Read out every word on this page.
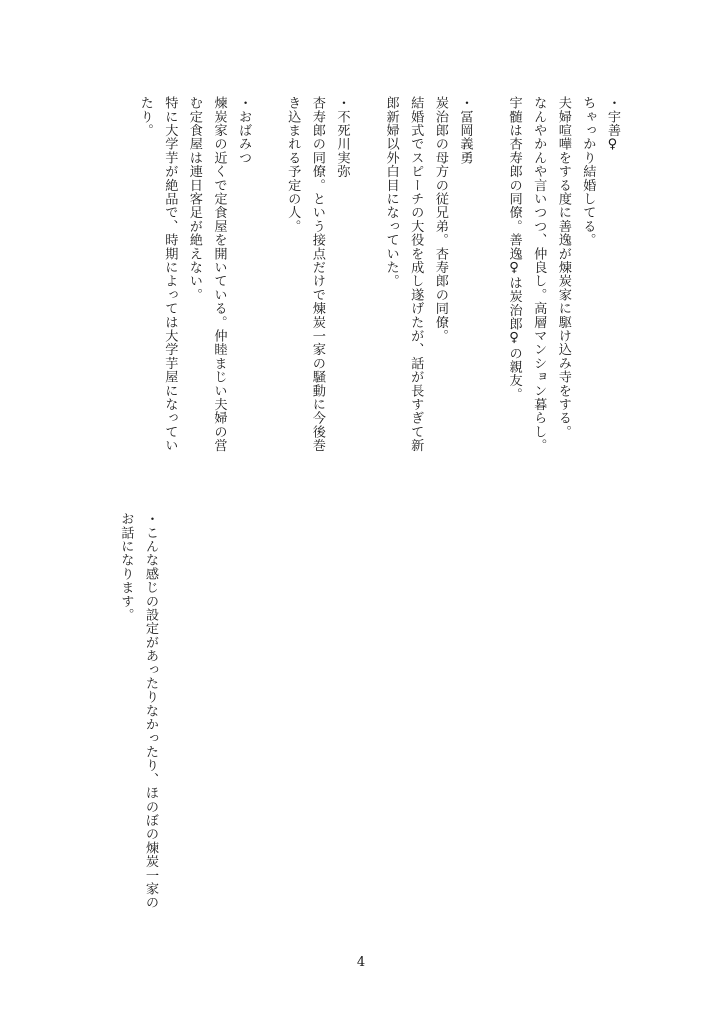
・宇善♀
ちゃっかり結婚してる。
夫婦喧嘩をする度に善逸が煉炭家に駆け込み寺をする。
なんやかんや言いつつ、仲良し。高層マンション暮らし。
宇髄は杏寿郎の同僚。善逸♀は炭治郎♀の親友。
・冨岡義勇
炭治郎の母方の従兄弟。杏寿郎の同僚。
結婚式でスピーチの大役を成し遂げたが、話が長すぎて新
郎新婦以外白目になっていた。
・不死川実弥
杏寿郎の同僚。という接点だけで煉炭一家の騒動に今後巻
き込まれる予定の人。
・おばみつ
煉炭家の近くで定食屋を開いている。仲睦まじい夫婦の営
む定食屋は連日客足が絶えない。
特に大学芋が絶品で、時期によっては大学芋屋になってい
たり。
・こんな感じの設定があったりなかったり、ほのぼの煉炭一家の
お話になります。
4
